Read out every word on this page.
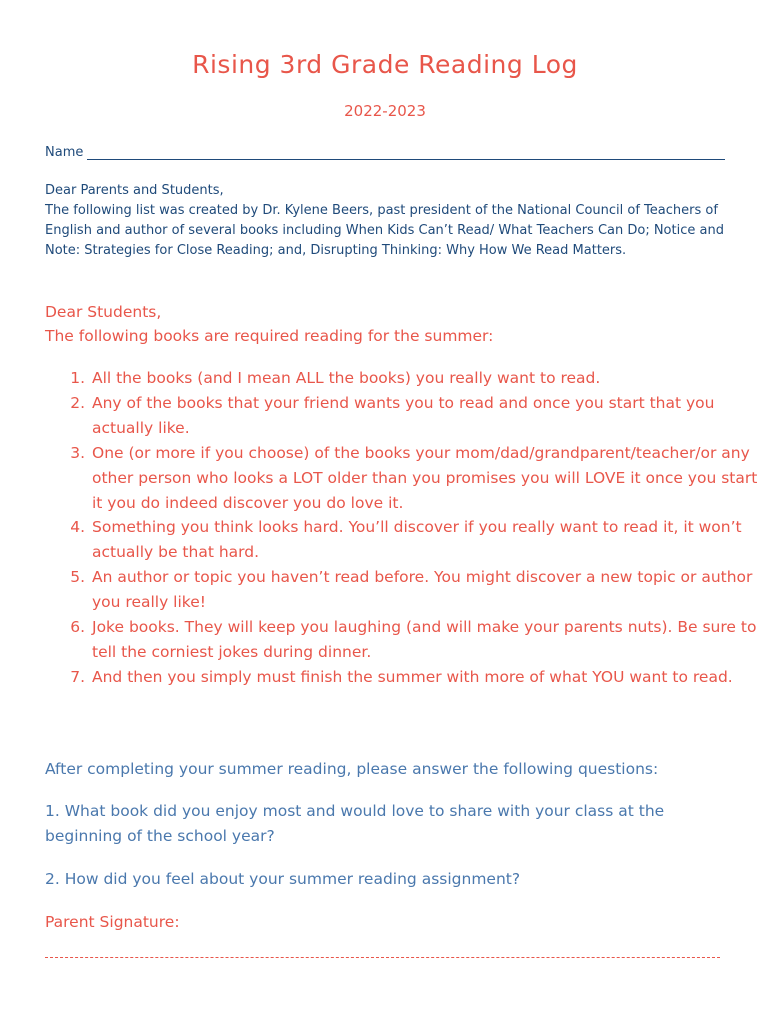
Rising 3rd Grade Reading Log
2022-2023
Name
Dear Parents and Students,
The following list was created by Dr. Kylene Beers, past president of the National Council of Teachers of English and author of several books including When Kids Can’t Read/ What Teachers Can Do; Notice and Note: Strategies for Close Reading; and, Disrupting Thinking: Why How We Read Matters.
Dear Students,
The following books are required reading for the summer:
1. All the books (and I mean ALL the books) you really want to read.
2. Any of the books that your friend wants you to read and once you start that you actually like.
3. One (or more if you choose) of the books your mom/dad/grandparent/teacher/or any other person who looks a LOT older than you promises you will LOVE it once you start it you do indeed discover you do love it.
4. Something you think looks hard. You’ll discover if you really want to read it, it won’t actually be that hard.
5. An author or topic you haven’t read before. You might discover a new topic or author you really like!
6. Joke books. They will keep you laughing (and will make your parents nuts). Be sure to tell the corniest jokes during dinner.
7. And then you simply must finish the summer with more of what YOU want to read.
After completing your summer reading, please answer the following questions:
1. What book did you enjoy most and would love to share with your class at the beginning of the school year?
2. How did you feel about your summer reading assignment?
Parent Signature:
